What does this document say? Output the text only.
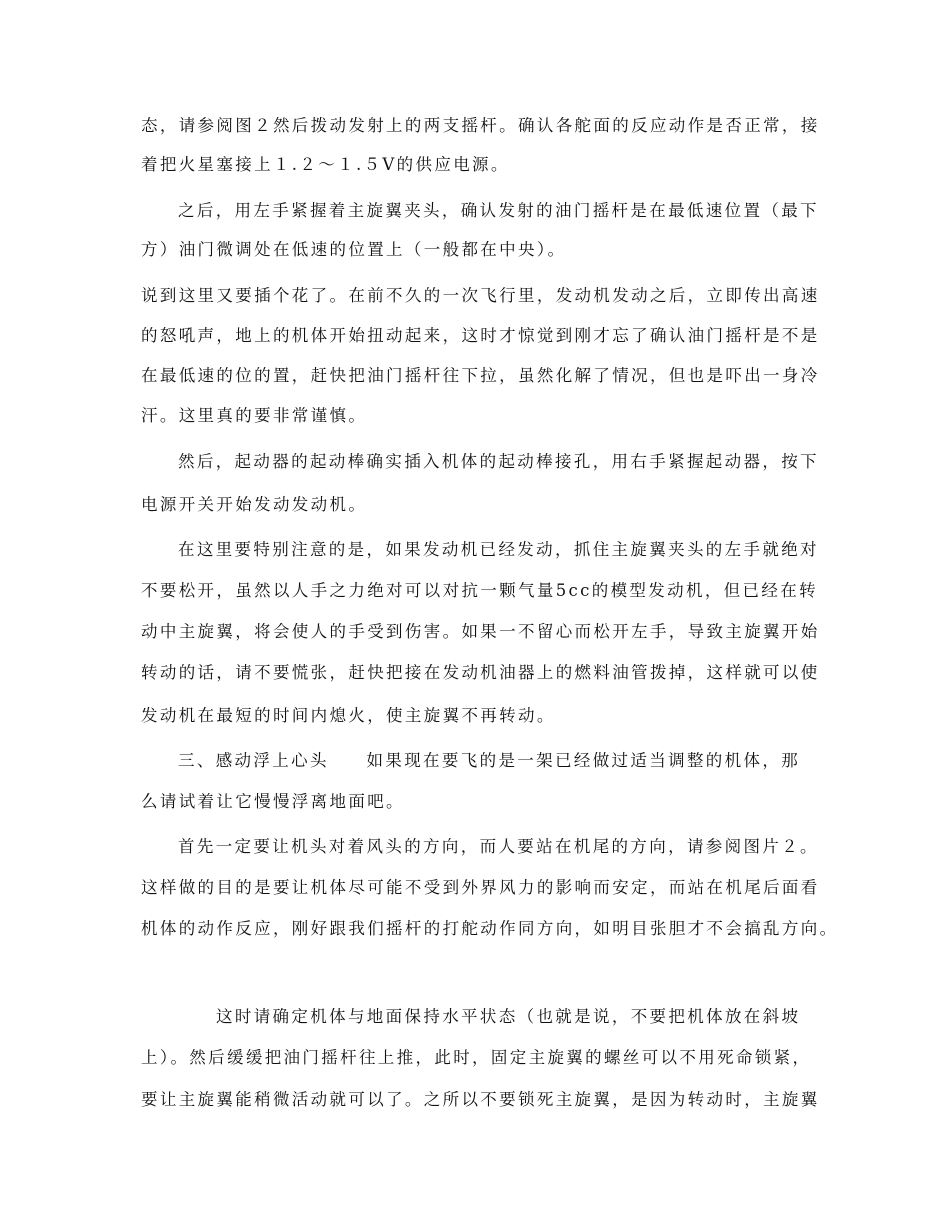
态，请参阅图２然后拨动发射上的两支摇杆。确认各舵面的反应动作是否正常，接
着把火星塞接上１.２～１.５V的供应电源。
之后，用左手紧握着主旋翼夹头，确认发射的油门摇杆是在最低速位置（最下
方）油门微调处在低速的位置上（一般都在中央）。
说到这里又要插个花了。在前不久的一次飞行里，发动机发动之后，立即传出高速
的怒吼声，地上的机体开始扭动起来，这时才惊觉到刚才忘了确认油门摇杆是不是
在最低速的位的置，赶快把油门摇杆往下拉，虽然化解了情况，但也是吓出一身冷
汗。这里真的要非常谨慎。
然后，起动器的起动棒确实插入机体的起动棒接孔，用右手紧握起动器，按下
电源开关开始发动发动机。
在这里要特别注意的是，如果发动机已经发动，抓住主旋翼夹头的左手就绝对
不要松开，虽然以人手之力绝对可以对抗一颗气量5cc的模型发动机，但已经在转
动中主旋翼，将会使人的手受到伤害。如果一不留心而松开左手，导致主旋翼开始
转动的话，请不要慌张，赶快把接在发动机油器上的燃料油管拨掉，这样就可以使
发动机在最短的时间内熄火，使主旋翼不再转动。
三、感动浮上心头　　如果现在要飞的是一架已经做过适当调整的机体，那
么请试着让它慢慢浮离地面吧。
首先一定要让机头对着风头的方向，而人要站在机尾的方向，请参阅图片２。
这样做的目的是要让机体尽可能不受到外界风力的影响而安定，而站在机尾后面看
机体的动作反应，刚好跟我们摇杆的打舵动作同方向，如明目张胆才不会搞乱方向。
这时请确定机体与地面保持水平状态（也就是说，不要把机体放在斜坡
上）。然后缓缓把油门摇杆往上推，此时，固定主旋翼的螺丝可以不用死命锁紧，
要让主旋翼能稍微活动就可以了。之所以不要锁死主旋翼，是因为转动时，主旋翼
